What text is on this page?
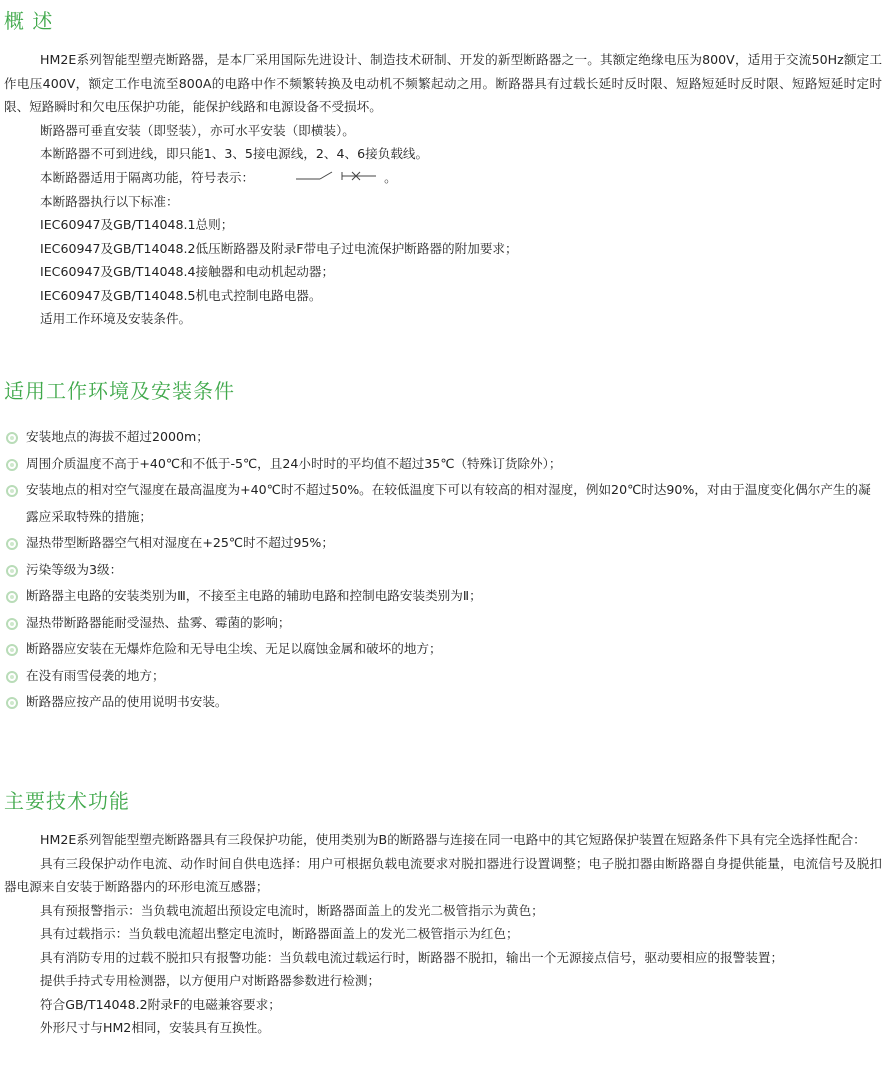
概 述

HM2E系列智能型塑壳断路器，是本厂采用国际先进设计、制造技术研制、开发的新型断路器之一。其额定绝缘电压为800V，适用于交流50Hz额定工作电压400V，额定工作电流至800A的电路中作不频繁转换及电动机不频繁起动之用。断路器具有过载长延时反时限、短路短延时反时限、短路短延时定时限、短路瞬时和欠电压保护功能，能保护线路和电源设备不受损坏。

断路器可垂直安装（即竖装），亦可水平安装（即横装）。

本断路器不可到进线，即只能1、3、5接电源线，2、4、6接负载线。

本断路器适用于隔离功能，符号表示：	。

本断路器执行以下标准：

IEC60947及GB/T14048.1总则；

IEC60947及GB/T14048.2低压断路器及附录F带电子过电流保护断路器的附加要求；

IEC60947及GB/T14048.4接触器和电动机起动器；

IEC60947及GB/T14048.5机电式控制电路电器。

适用工作环境及安装条件。

适用工作环境及安装条件
安装地点的海拔不超过2000m；
周围介质温度不高于+40℃和不低于-5℃，且24小时时的平均值不超过35℃（特殊订货除外）；
安装地点的相对空气湿度在最高温度为+40℃时不超过50%。在较低温度下可以有较高的相对湿度，例如20℃时达90%，对由于温度变化偶尔产生的凝露应采取特殊的措施；
湿热带型断路器空气相对湿度在+25℃时不超过95%；
污染等级为3级：
断路器主电路的安装类别为Ⅲ，不接至主电路的辅助电路和控制电路安装类别为Ⅱ；
湿热带断路器能耐受湿热、盐雾、霉菌的影响；
断路器应安装在无爆炸危险和无导电尘埃、无足以腐蚀金属和破坏的地方；
在没有雨雪侵袭的地方；
断路器应按产品的使用说明书安装。
主要技术功能

HM2E系列智能型塑壳断路器具有三段保护功能，使用类别为B的断路器与连接在同一电路中的其它短路保护装置在短路条件下具有完全选择性配合：

具有三段保护动作电流、动作时间自供电选择：用户可根据负载电流要求对脱扣器进行设置调整；电子脱扣器由断路器自身提供能量，电流信号及脱扣器电源来自安装于断路器内的环形电流互感器；

具有预报警指示：当负载电流超出预设定电流时，断路器面盖上的发光二极管指示为黄色；

具有过载指示：当负载电流超出整定电流时，断路器面盖上的发光二极管指示为红色；

具有消防专用的过载不脱扣只有报警功能：当负载电流过载运行时，断路器不脱扣，输出一个无源接点信号，驱动要相应的报警装置；

提供手持式专用检测器，以方便用户对断路器参数进行检测；

符合GB/T14048.2附录F的电磁兼容要求；

外形尺寸与HM2相同，安装具有互换性。
